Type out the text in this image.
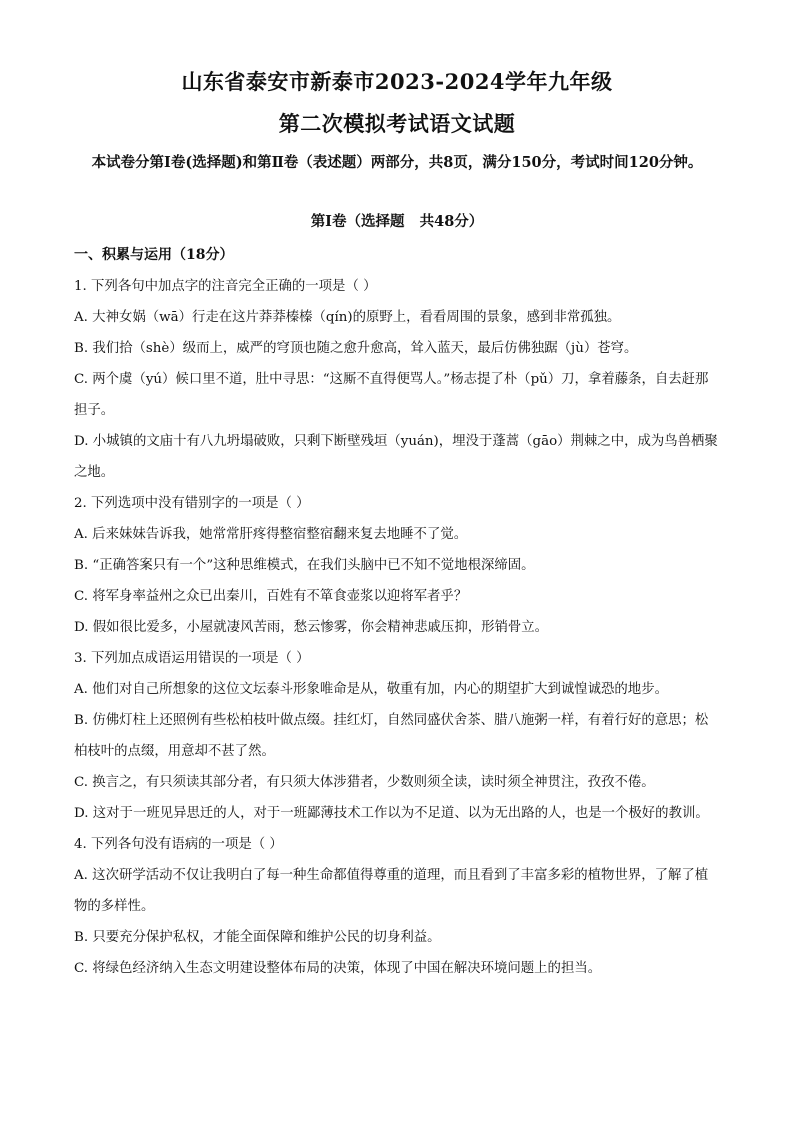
山东省泰安市新泰市2023-2024学年九年级
第二次模拟考试语文试题
本试卷分第Ⅰ卷(选择题)和第Ⅱ卷（表述题）两部分，共8页，满分150分，考试时间120分钟。
第Ⅰ卷（选择题   共48分）

一、积累与运用（18分）

1. 下列各句中加点字的注音完全正确的一项是（ ）

A. 大神女娲（wā）行走在这片莽莽榛榛（qín)的原野上，看看周围的景象，感到非常孤独。

B. 我们拾（shè）级而上，威严的穹顶也随之愈升愈高，耸入蓝天，最后仿佛独踞（jù）苍穹。

C. 两个虞（yú）候口里不道，肚中寻思：“这厮不直得便骂人。”杨志提了朴（pǔ）刀，拿着藤条，自去赶那担子。

D. 小城镇的文庙十有八九坍塌破败，只剩下断壁残垣（yuán)，埋没于蓬蒿（gāo）荆棘之中，成为鸟兽栖聚之地。

2. 下列选项中没有错别字的一项是（ ）

A. 后来妹妹告诉我，她常常肝疼得整宿整宿翻来复去地睡不了觉。

B. “正确答案只有一个”这种思维模式，在我们头脑中已不知不觉地根深缔固。

C. 将军身率益州之众已出秦川，百姓有不箪食壶浆以迎将军者乎？

D. 假如很比爱多，小屋就凄风苦雨，愁云惨雾，你会精神悲戚压抑，形销骨立。

3. 下列加点成语运用错误的一项是（ ）

A. 他们对自己所想象的这位文坛泰斗形象唯命是从，敬重有加，内心的期望扩大到诚惶诚恐的地步。

B. 仿佛灯柱上还照例有些松柏枝叶做点缀。挂红灯，自然同盛伏舍茶、腊八施粥一样，有着行好的意思；松柏枝叶的点缀，用意却不甚了然。

C. 换言之，有只须读其部分者，有只须大体涉猎者，少数则须全读，读时须全神贯注，孜孜不倦。

D. 这对于一班见异思迁的人，对于一班鄙薄技术工作以为不足道、以为无出路的人，也是一个极好的教训。

4. 下列各句没有语病的一项是（ ）

A. 这次研学活动不仅让我明白了每一种生命都值得尊重的道理，而且看到了丰富多彩的植物世界，了解了植物的多样性。

B. 只要充分保护私权，才能全面保障和维护公民的切身利益。

C. 将绿色经济纳入生态文明建设整体布局的决策，体现了中国在解决环境问题上的担当。
